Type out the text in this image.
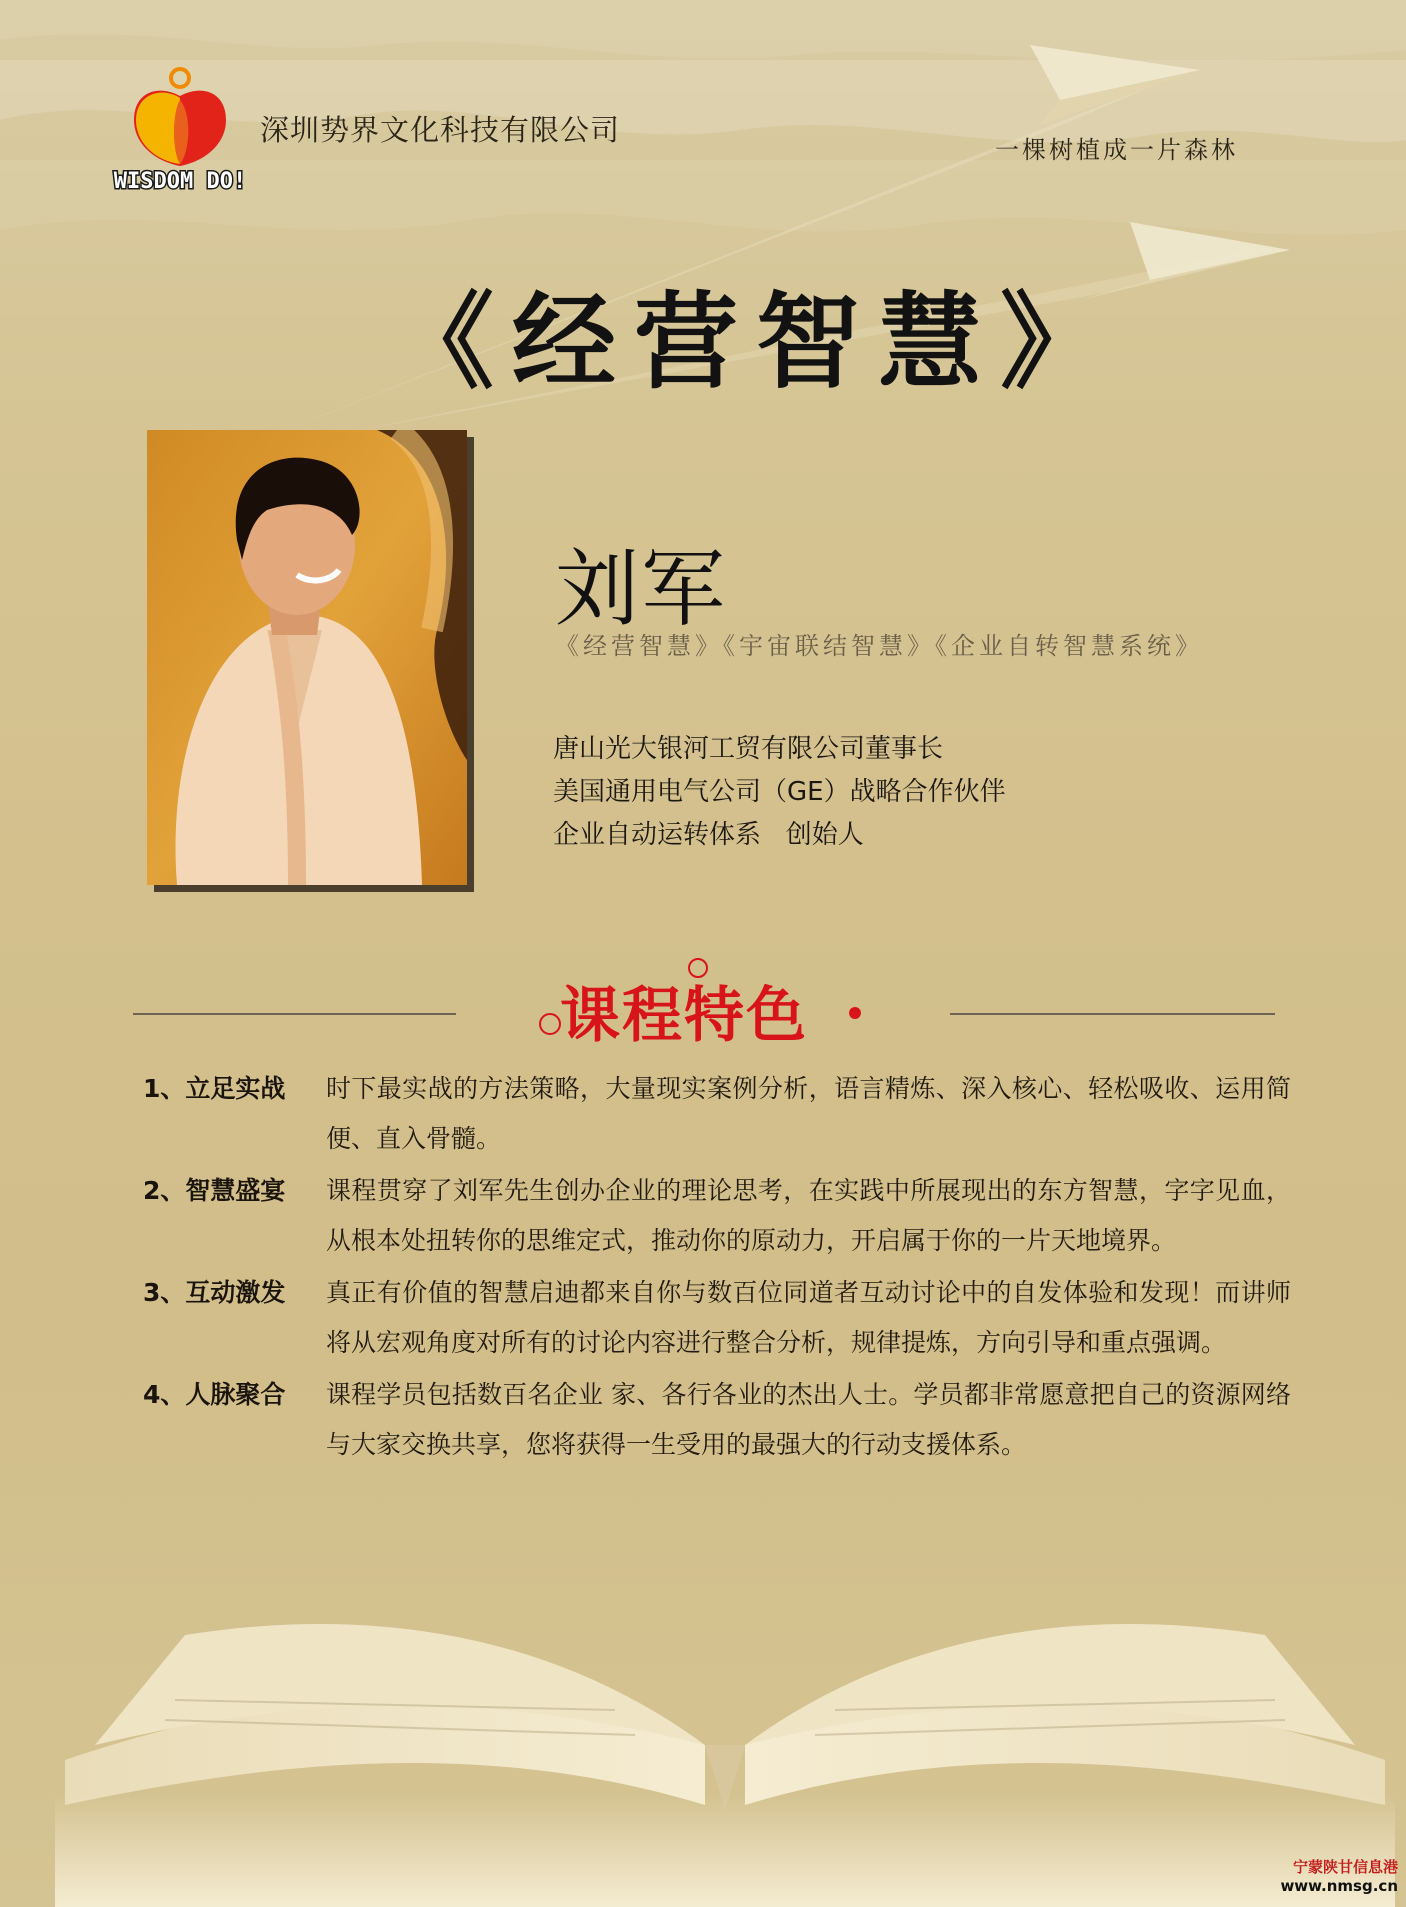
WISDOM DO!
深圳势界文化科技有限公司
一棵树植成一片森林
《经营智慧》
刘军
《经营智慧》《宇宙联结智慧》《企业自转智慧系统》
唐山光大银河工贸有限公司董事长
美国通用电气公司（GE）战略合作伙伴
企业自动运转体系   创始人
课程特色
1、立足实战	时下最实战的方法策略，大量现实案例分析，语言精炼、深入核心、轻松吸收、运用简便、直入骨髓。
2、智慧盛宴	课程贯穿了刘军先生创办企业的理论思考，在实践中所展现出的东方智慧，字字见血，从根本处扭转你的思维定式，推动你的原动力，开启属于你的一片天地境界。
3、互动激发	真正有价值的智慧启迪都来自你与数百位同道者互动讨论中的自发体验和发现！而讲师将从宏观角度对所有的讨论内容进行整合分析，规律提炼，方向引导和重点强调。
4、人脉聚合	课程学员包括数百名企业 家、各行各业的杰出人士。学员都非常愿意把自己的资源网络与大家交换共享，您将获得一生受用的最强大的行动支援体系。
宁蒙陕甘信息港
www.nmsg.cn
